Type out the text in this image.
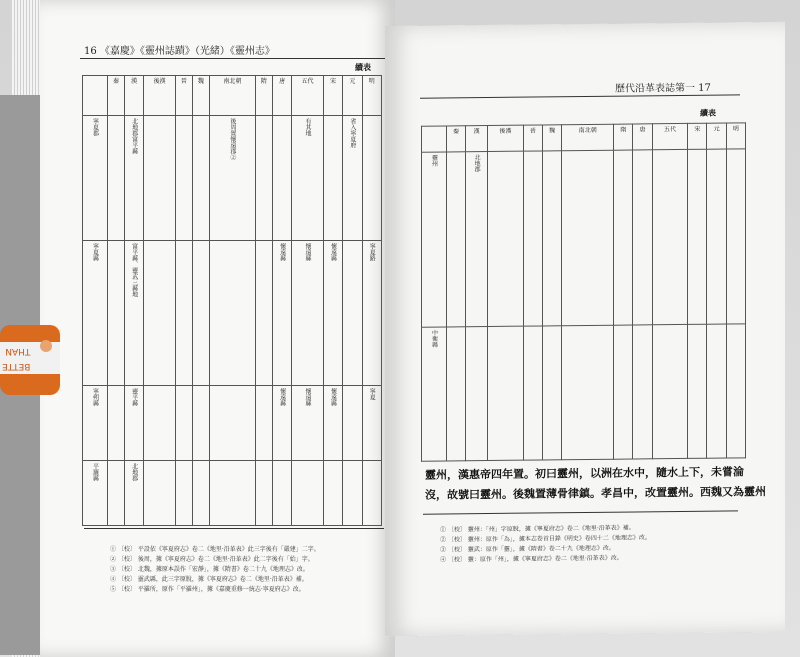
16 《嘉慶》《靈州誌蹟》（光緒）《靈州志》
續表
	秦	漢	後漢	晉	魏	南北朝	隋	唐	五代	宋	元	明

寧夏郡		北地郡富平縣				後周置懷遠郡②			有其地		省入寧夏府	

寧夏縣		富平縣、靈武三縣地						懷遠縣	懷遠縣	懷遠縣		寧夏路

寧朔縣		靈平縣						懷遠縣	懷遠縣	懷遠縣		寧夏

平羅縣		北地郡										

① 〔校〕 平設依《寧夏府志》卷二《地里·沿革表》此三字後有「嚴建」二字。
② 〔校〕 後周，據《寧夏府志》卷二《地里·沿革表》此二字後有「始」字。
③ 〔校〕 北魏，據原本誤作「宏靜」，據《隋書》卷二十九《地理志》改。
④ 〔校〕 靈武縣，此三字原脫，據《寧夏府志》卷二《地里·沿革表》補。
⑤ 〔校〕 平羅所，原作「平羅州」，據《嘉慶重修一統志·寧夏府志》改。
歷代沿革表誌第一 17
續表
	秦	漢	後漢	晉	魏	南北朝	隋	唐	五代	宋	元	明

靈州		北地郡										

中衛縣												

靈州，漢惠帝四年置。初曰靈州，以洲在水中，隨水上下，未嘗淪
沒，故號曰靈州。後魏置薄骨律鎮。孝昌中，改置靈州。西魏又為靈州
① 〔校〕 靈州：「州」字原脫，據《寧夏府志》卷二《地里·沿革表》補。
② 〔校〕 靈州：原作「為」，據本志卷首目錄《明史》卷四十二《地理志》改。
③ 〔校〕 靈武：原作「靈」，據《隋書》卷二十九《地理志》改。
④ 〔校〕 靈：原作「州」，據《寧夏府志》卷二《地里·沿革表》改。
BETTE
THAN
